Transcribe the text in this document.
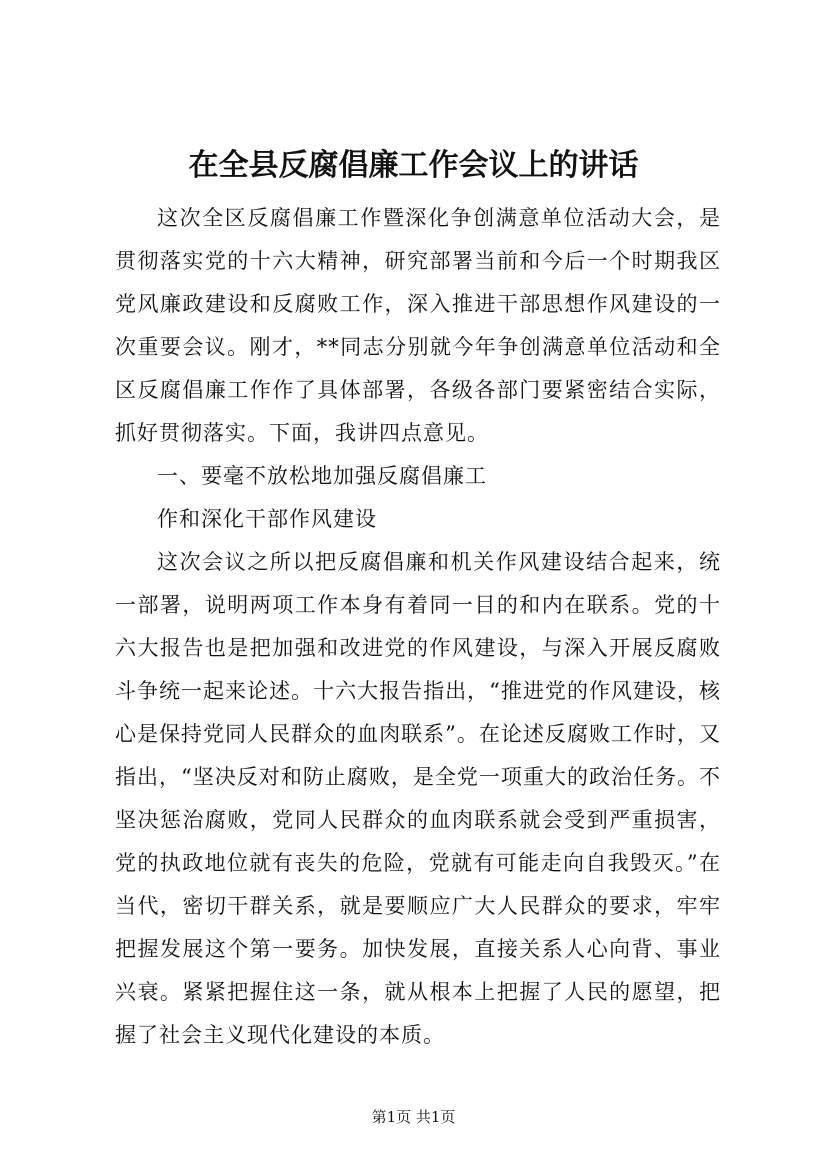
在全县反腐倡廉工作会议上的讲话

这次全区反腐倡廉工作暨深化争创满意单位活动大会，是贯彻落实党的十六大精神，研究部署当前和今后一个时期我区党风廉政建设和反腐败工作，深入推进干部思想作风建设的一次重要会议。刚才，**同志分别就今年争创满意单位活动和全区反腐倡廉工作作了具体部署，各级各部门要紧密结合实际，抓好贯彻落实。下面，我讲四点意见。

一、要毫不放松地加强反腐倡廉工

作和深化干部作风建设

这次会议之所以把反腐倡廉和机关作风建设结合起来，统一部署，说明两项工作本身有着同一目的和内在联系。党的十六大报告也是把加强和改进党的作风建设，与深入开展反腐败斗争统一起来论述。十六大报告指出，“推进党的作风建设，核心是保持党同人民群众的血肉联系”。在论述反腐败工作时，又指出，“坚决反对和防止腐败，是全党一项重大的政治任务。不坚决惩治腐败，党同人民群众的血肉联系就会受到严重损害，党的执政地位就有丧失的危险，党就有可能走向自我毁灭。”在当代，密切干群关系，就是要顺应广大人民群众的要求，牢牢把握发展这个第一要务。加快发展，直接关系人心向背、事业兴衰。紧紧把握住这一条，就从根本上把握了人民的愿望，把握了社会主义现代化建设的本质。

第1页 共1页
